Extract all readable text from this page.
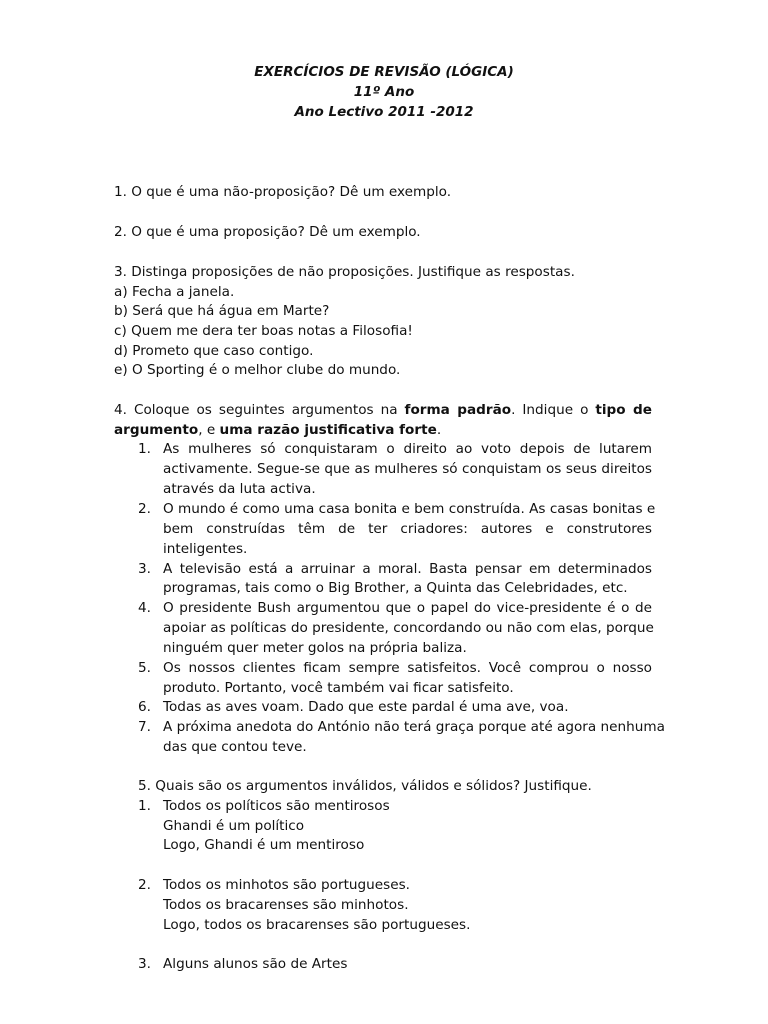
EXERCÍCIOS DE REVISÃO (LÓGICA)
11º Ano
Ano Lectivo 2011 -2012
1. O que é uma não-proposição? Dê um exemplo.
2. O que é uma proposição? Dê um exemplo.
3. Distinga proposições de não proposições. Justifique as respostas.
a) Fecha a janela.
b) Será que há água em Marte?
c) Quem me dera ter boas notas a Filosofia!
d) Prometo que caso contigo.
e) O Sporting é o melhor clube do mundo.
4. Coloque os seguintes argumentos na forma padrão. Indique o tipo de
argumento, e uma razão justificativa forte.
1. As mulheres só conquistaram o direito ao voto depois de lutarem
activamente. Segue-se que as mulheres só conquistam os seus direitos
através da luta activa.
2. O mundo é como uma casa bonita e bem construída. As casas bonitas e
bem construídas têm de ter criadores: autores e construtores
inteligentes.
3. A televisão está a arruinar a moral. Basta pensar em determinados
programas, tais como o Big Brother, a Quinta das Celebridades, etc.
4. O presidente Bush argumentou que o papel do vice-presidente é o de
apoiar as políticas do presidente, concordando ou não com elas, porque
ninguém quer meter golos na própria baliza.
5. Os nossos clientes ficam sempre satisfeitos. Você comprou o nosso
produto. Portanto, você também vai ficar satisfeito.
6. Todas as aves voam. Dado que este pardal é uma ave, voa.
7. A próxima anedota do António não terá graça porque até agora nenhuma
das que contou teve.
5. Quais são os argumentos inválidos, válidos e sólidos? Justifique.
1. Todos os políticos são mentirosos
Ghandi é um político
Logo, Ghandi é um mentiroso
2. Todos os minhotos são portugueses.
Todos os bracarenses são minhotos.
Logo, todos os bracarenses são portugueses.
3. Alguns alunos são de Artes
